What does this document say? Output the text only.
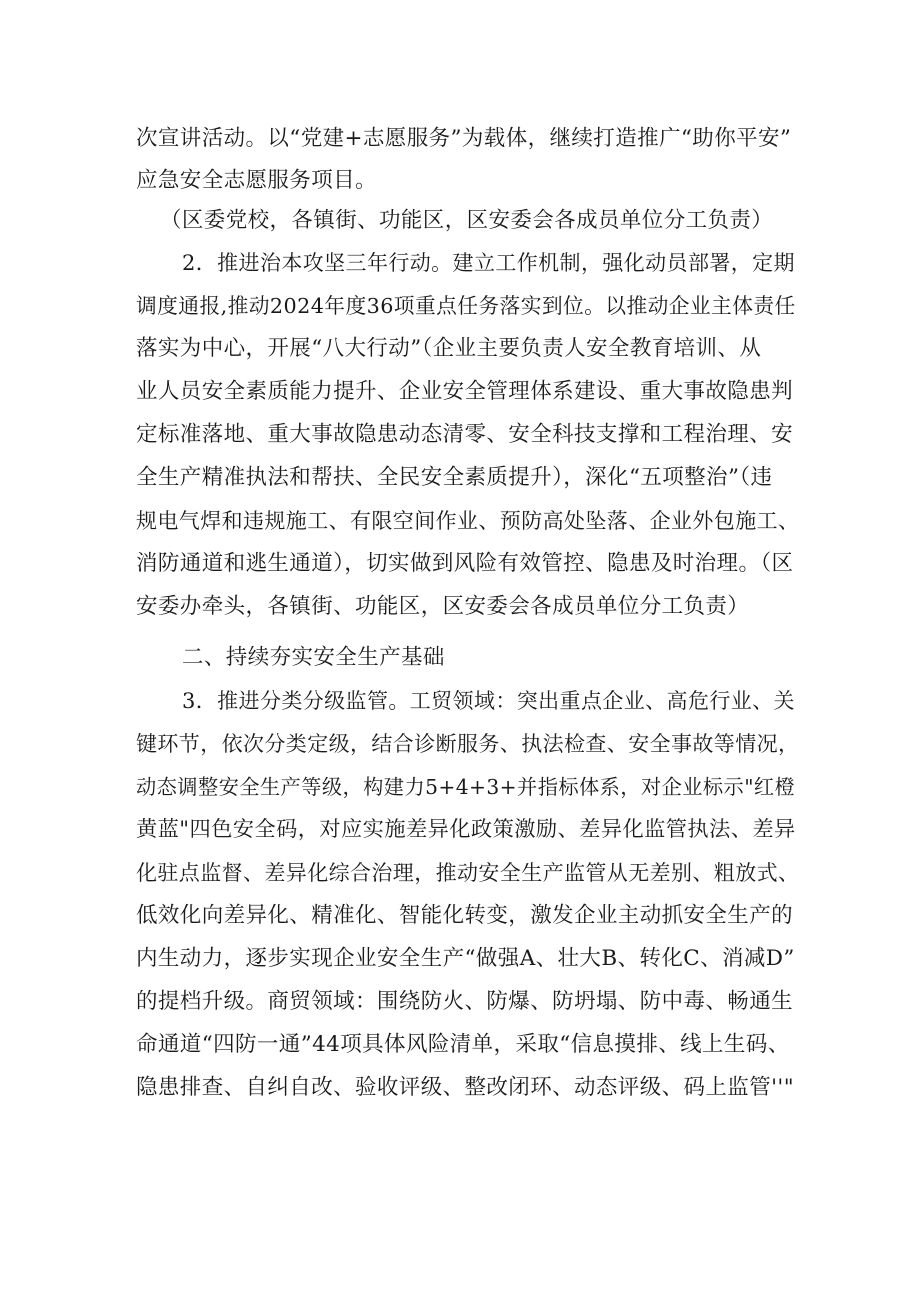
次宣讲活动。以“党建+志愿服务”为载体，继续打造推广“助你平安”
应急安全志愿服务项目。
（区委党校，各镇街、功能区，区安委会各成员单位分工负责）
2．推进治本攻坚三年行动。建立工作机制，强化动员部署，定期
调度通报,推动2024年度36项重点任务落实到位。以推动企业主体责任
落实为中心，开展“八大行动”（企业主要负责人安全教育培训、从
业人员安全素质能力提升、企业安全管理体系建设、重大事故隐患判
定标准落地、重大事故隐患动态清零、安全科技支撑和工程治理、安
全生产精准执法和帮扶、全民安全素质提升），深化“五项整治”（违
规电气焊和违规施工、有限空间作业、预防高处坠落、企业外包施工、
消防通道和逃生通道），切实做到风险有效管控、隐患及时治理。（区
安委办牵头，各镇街、功能区，区安委会各成员单位分工负责）
二、持续夯实安全生产基础
3．推进分类分级监管。工贸领域：突出重点企业、高危行业、关
键环节，依次分类定级，结合诊断服务、执法检查、安全事故等情况，
动态调整安全生产等级，构建力5+4+3+并指标体系，对企业标示"红橙
黄蓝"四色安全码，对应实施差异化政策激励、差异化监管执法、差异
化驻点监督、差异化综合治理，推动安全生产监管从无差别、粗放式、
低效化向差异化、精准化、智能化转变，激发企业主动抓安全生产的
内生动力，逐步实现企业安全生产“做强A、壮大B、转化C、消减D”
的提档升级。商贸领域：围绕防火、防爆、防坍塌、防中毒、畅通生
命通道“四防一通”44项具体风险清单，采取“信息摸排、线上生码、
隐患排查、自纠自改、验收评级、整改闭环、动态评级、码上监管''"
